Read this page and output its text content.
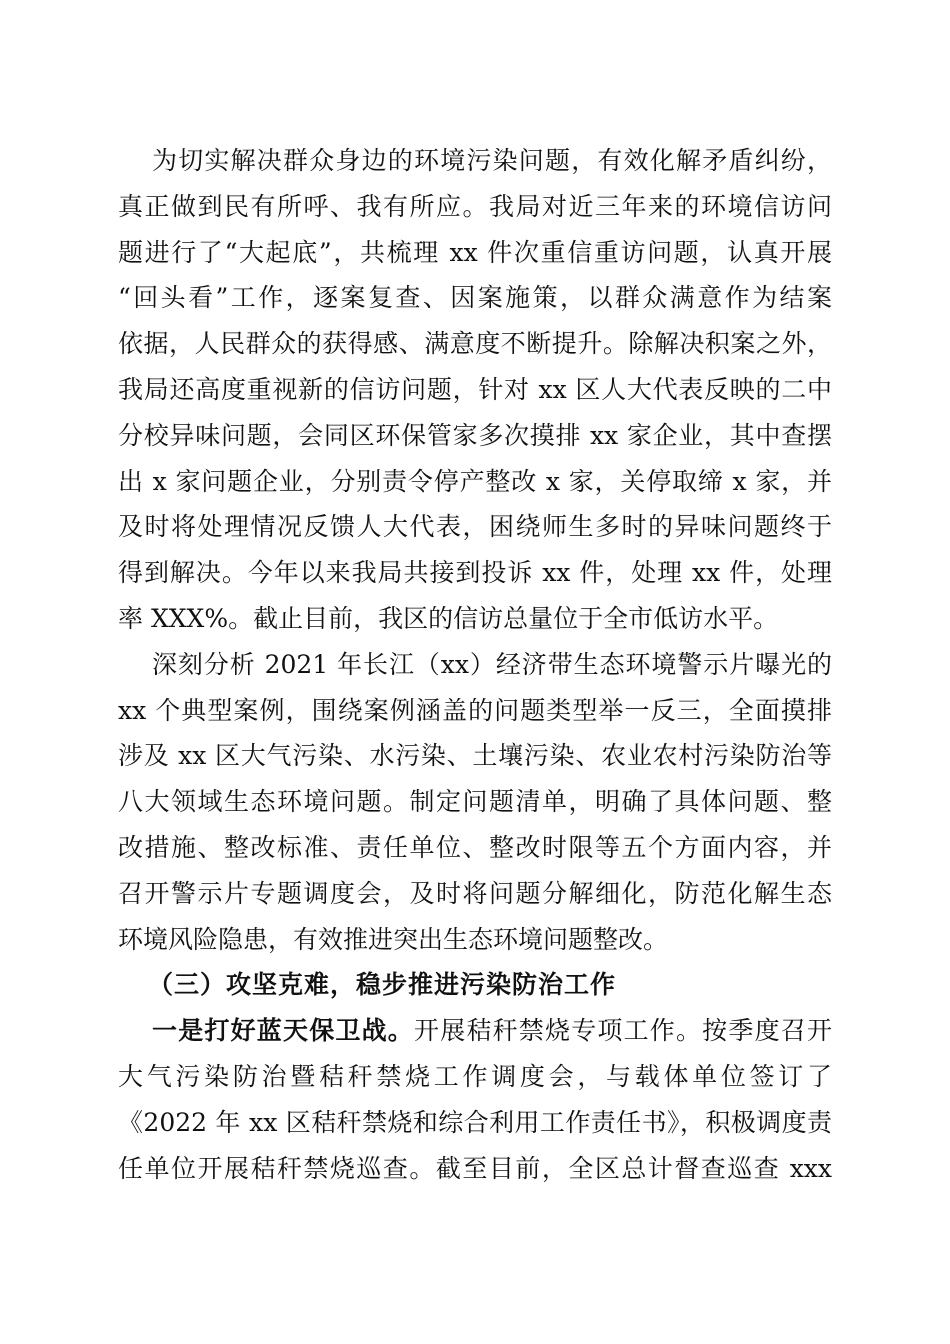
为切实解决群众身边的环境污染问题，有效化解矛盾纠纷，
真正做到民有所呼、我有所应。我局对近三年来的环境信访问
题进行了“大起底”，共梳理 xx 件次重信重访问题，认真开展
“回头看”工作，逐案复查、因案施策，以群众满意作为结案
依据，人民群众的获得感、满意度不断提升。除解决积案之外，
我局还高度重视新的信访问题，针对 xx 区人大代表反映的二中
分校异味问题，会同区环保管家多次摸排 xx 家企业，其中查摆
出 x 家问题企业，分别责令停产整改 x 家，关停取缔 x 家，并
及时将处理情况反馈人大代表，困绕师生多时的异味问题终于
得到解决。今年以来我局共接到投诉 xx 件，处理 xx 件，处理
率 XXX%。截止目前，我区的信访总量位于全市低访水平。
深刻分析 2021 年长江（xx）经济带生态环境警示片曝光的
xx 个典型案例，围绕案例涵盖的问题类型举一反三，全面摸排
涉及 xx 区大气污染、水污染、土壤污染、农业农村污染防治等
八大领域生态环境问题。制定问题清单，明确了具体问题、整
改措施、整改标准、责任单位、整改时限等五个方面内容，并
召开警示片专题调度会，及时将问题分解细化，防范化解生态
环境风险隐患，有效推进突出生态环境问题整改。
（三）攻坚克难，稳步推进污染防治工作
一是打好蓝天保卫战。开展秸秆禁烧专项工作。按季度召开
大气污染防治暨秸秆禁烧工作调度会，与载体单位签订了
《2022 年 xx 区秸秆禁烧和综合利用工作责任书》，积极调度责
任单位开展秸秆禁烧巡查。截至目前，全区总计督查巡查 xxx
